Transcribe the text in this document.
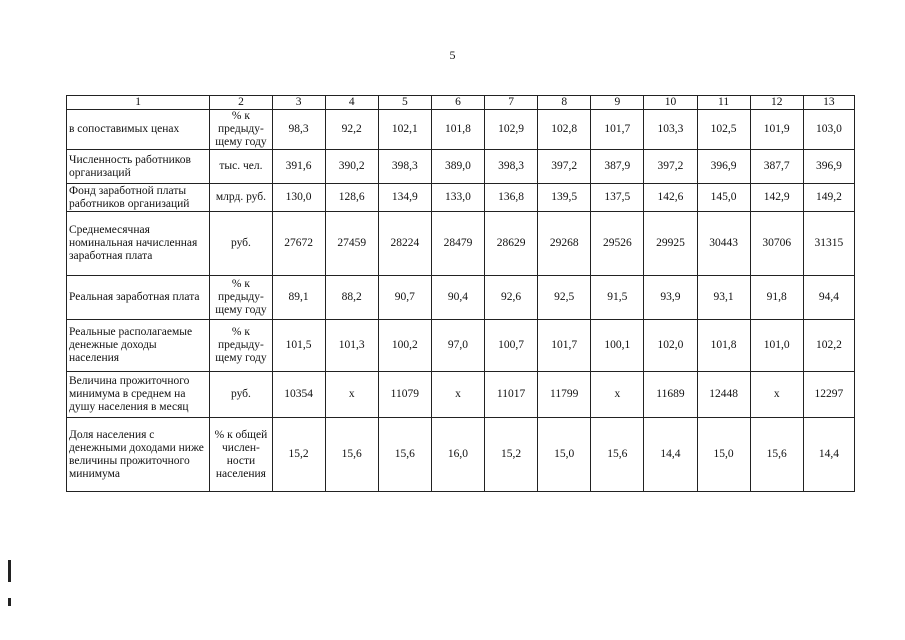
5
1	2	3	4	5	6	7	8	9	10	11	12	13
в сопоставимых ценах	% к предыду-щему году	98,3	92,2	102,1	101,8	102,9	102,8	101,7	103,3	102,5	101,9	103,0
Численность работников организаций	тыс. чел.	391,6	390,2	398,3	389,0	398,3	397,2	387,9	397,2	396,9	387,7	396,9
Фонд заработной платы работников организаций	млрд. руб.	130,0	128,6	134,9	133,0	136,8	139,5	137,5	142,6	145,0	142,9	149,2
Среднемесячная номинальная начисленная заработная плата	руб.	27672	27459	28224	28479	28629	29268	29526	29925	30443	30706	31315
Реальная заработная плата	% к предыду-щему году	89,1	88,2	90,7	90,4	92,6	92,5	91,5	93,9	93,1	91,8	94,4
Реальные располагаемые денежные доходы населения	% к предыду-щему году	101,5	101,3	100,2	97,0	100,7	101,7	100,1	102,0	101,8	101,0	102,2
Величина прожиточного минимума в среднем на душу населения в месяц	руб.	10354	x	11079	x	11017	11799	x	11689	12448	x	12297
Доля населения с денежными доходами ниже величины прожиточного минимума	% к общей числен-ности населения	15,2	15,6	15,6	16,0	15,2	15,0	15,6	14,4	15,0	15,6	14,4
